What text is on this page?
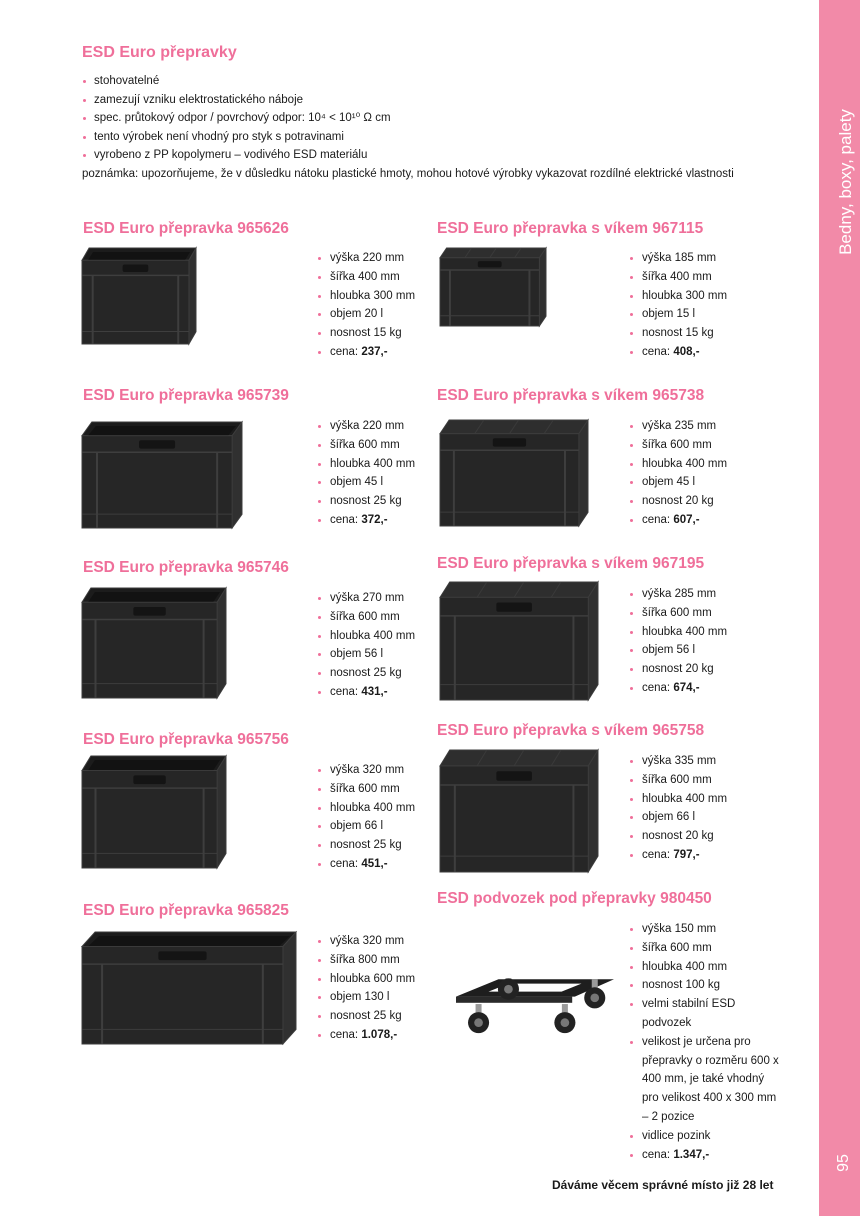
Bedny, boxy, palety
95
ESD Euro přepravky
stohovatelné
zamezují vzniku elektrostatického náboje
spec. průtokový odpor / povrchový odpor: 10⁴ < 10¹⁰ Ω cm
tento výrobek není vhodný pro styk s potravinami
vyrobeno z PP kopolymeru – vodivého ESD materiálu
poznámka: upozorňujeme, že v důsledku nátoku plastické hmoty, mohou hotové výrobky vykazovat rozdílné elektrické vlastnosti
ESD Euro přepravka 965626
výška 220 mm
šířka 400 mm
hloubka 300 mm
objem 20 l
nosnost 15 kg
cena: 237,-
ESD Euro přepravka s víkem 967115
výška 185 mm
šířka 400 mm
hloubka 300 mm
objem 15 l
nosnost 15 kg
cena: 408,-
ESD Euro přepravka 965739
výška 220 mm
šířka 600 mm
hloubka 400 mm
objem 45 l
nosnost 25 kg
cena: 372,-
ESD Euro přepravka s víkem 965738
výška 235 mm
šířka 600 mm
hloubka 400 mm
objem 45 l
nosnost 20 kg
cena: 607,-
ESD Euro přepravka 965746
výška 270 mm
šířka 600 mm
hloubka 400 mm
objem 56 l
nosnost 25 kg
cena: 431,-
ESD Euro přepravka s víkem 967195
výška 285 mm
šířka 600 mm
hloubka 400 mm
objem 56 l
nosnost 20 kg
cena: 674,-
ESD Euro přepravka 965756
výška 320 mm
šířka 600 mm
hloubka 400 mm
objem 66 l
nosnost 25 kg
cena: 451,-
ESD Euro přepravka s víkem 965758
výška 335 mm
šířka 600 mm
hloubka 400 mm
objem 66 l
nosnost 20 kg
cena: 797,-
ESD Euro přepravka 965825
výška 320 mm
šířka 800 mm
hloubka 600 mm
objem 130 l
nosnost 25 kg
cena: 1.078,-
ESD podvozek pod přepravky 980450
výška 150 mm
šířka 600 mm
hloubka 400 mm
nosnost 100 kg
velmi stabilní ESD podvozek
velikost je určena pro přepravky o rozměru 600 x 400 mm, je také vhodný pro velikost 400 x 300 mm – 2 pozice
vidlice pozink
cena: 1.347,-
Dáváme věcem správné místo již 28 let
